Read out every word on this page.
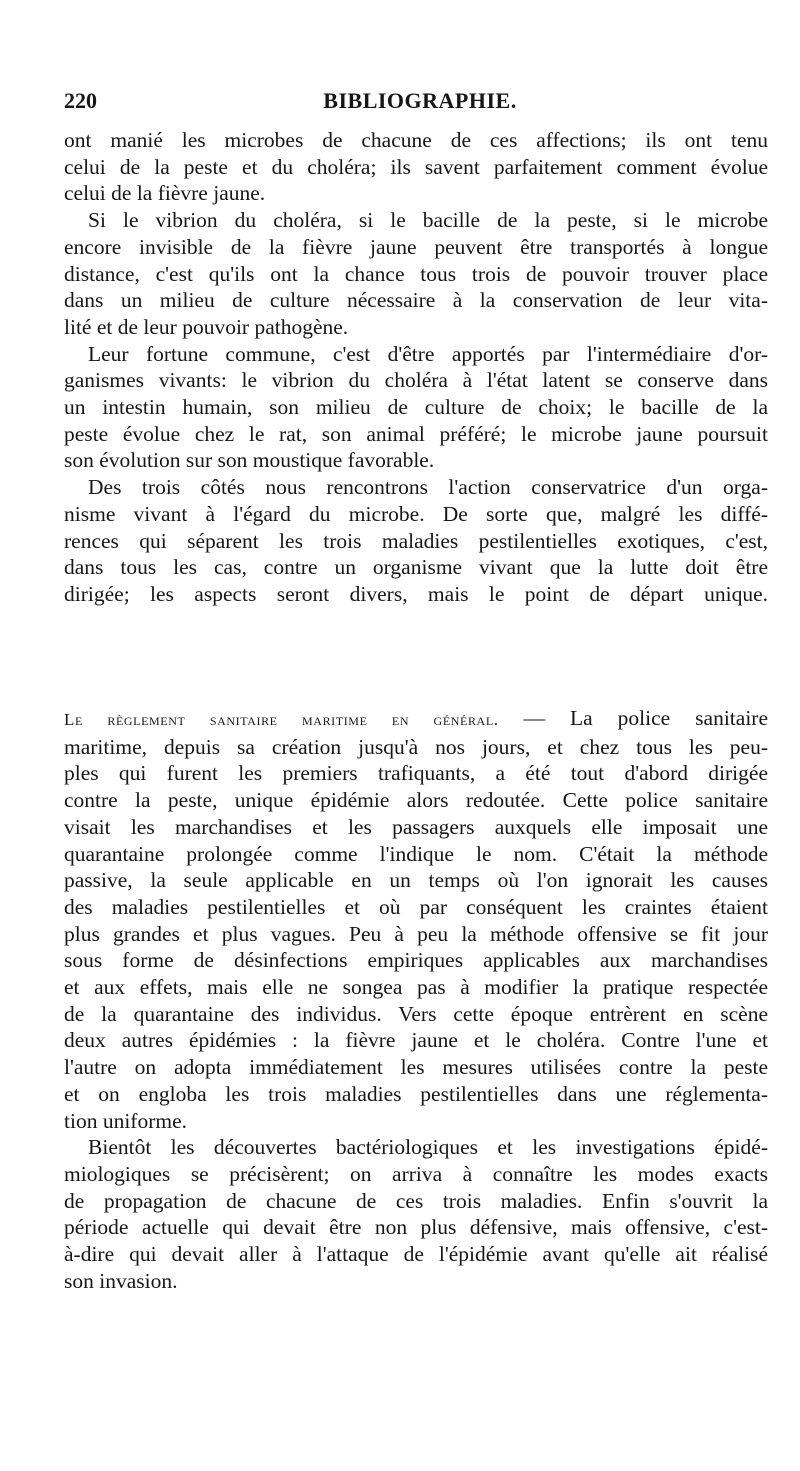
220	BIBLIOGRAPHIE.
ont manié les microbes de chacune de ces affections; ils ont tenu
celui de la peste et du choléra; ils savent parfaitement comment évolue
celui de la fièvre jaune.
Si le vibrion du choléra, si le bacille de la peste, si le microbe
encore invisible de la fièvre jaune peuvent être transportés à longue
distance, c'est qu'ils ont la chance tous trois de pouvoir trouver place
dans un milieu de culture nécessaire à la conservation de leur vita-
lité et de leur pouvoir pathogène.
Leur fortune commune, c'est d'être apportés par l'intermédiaire d'or-
ganismes vivants: le vibrion du choléra à l'état latent se conserve dans
un intestin humain, son milieu de culture de choix; le bacille de la
peste évolue chez le rat, son animal préféré; le microbe jaune poursuit
son évolution sur son moustique favorable.
Des trois côtés nous rencontrons l'action conservatrice d'un orga-
nisme vivant à l'égard du microbe. De sorte que, malgré les diffé-
rences qui séparent les trois maladies pestilentielles exotiques, c'est,
dans tous les cas, contre un organisme vivant que la lutte doit être
dirigée; les aspects seront divers, mais le point de départ unique.
Le règlement sanitaire maritime en général. — La police sanitaire
maritime, depuis sa création jusqu'à nos jours, et chez tous les peu-
ples qui furent les premiers trafiquants, a été tout d'abord dirigée
contre la peste, unique épidémie alors redoutée. Cette police sanitaire
visait les marchandises et les passagers auxquels elle imposait une
quarantaine prolongée comme l'indique le nom. C'était la méthode
passive, la seule applicable en un temps où l'on ignorait les causes
des maladies pestilentielles et où par conséquent les craintes étaient
plus grandes et plus vagues. Peu à peu la méthode offensive se fit jour
sous forme de désinfections empiriques applicables aux marchandises
et aux effets, mais elle ne songea pas à modifier la pratique respectée
de la quarantaine des individus. Vers cette époque entrèrent en scène
deux autres épidémies : la fièvre jaune et le choléra. Contre l'une et
l'autre on adopta immédiatement les mesures utilisées contre la peste
et on engloba les trois maladies pestilentielles dans une réglementa-
tion uniforme.
Bientôt les découvertes bactériologiques et les investigations épidé-
miologiques se précisèrent; on arriva à connaître les modes exacts
de propagation de chacune de ces trois maladies. Enfin s'ouvrit la
période actuelle qui devait être non plus défensive, mais offensive, c'est-
à-dire qui devait aller à l'attaque de l'épidémie avant qu'elle ait réalisé
son invasion.
